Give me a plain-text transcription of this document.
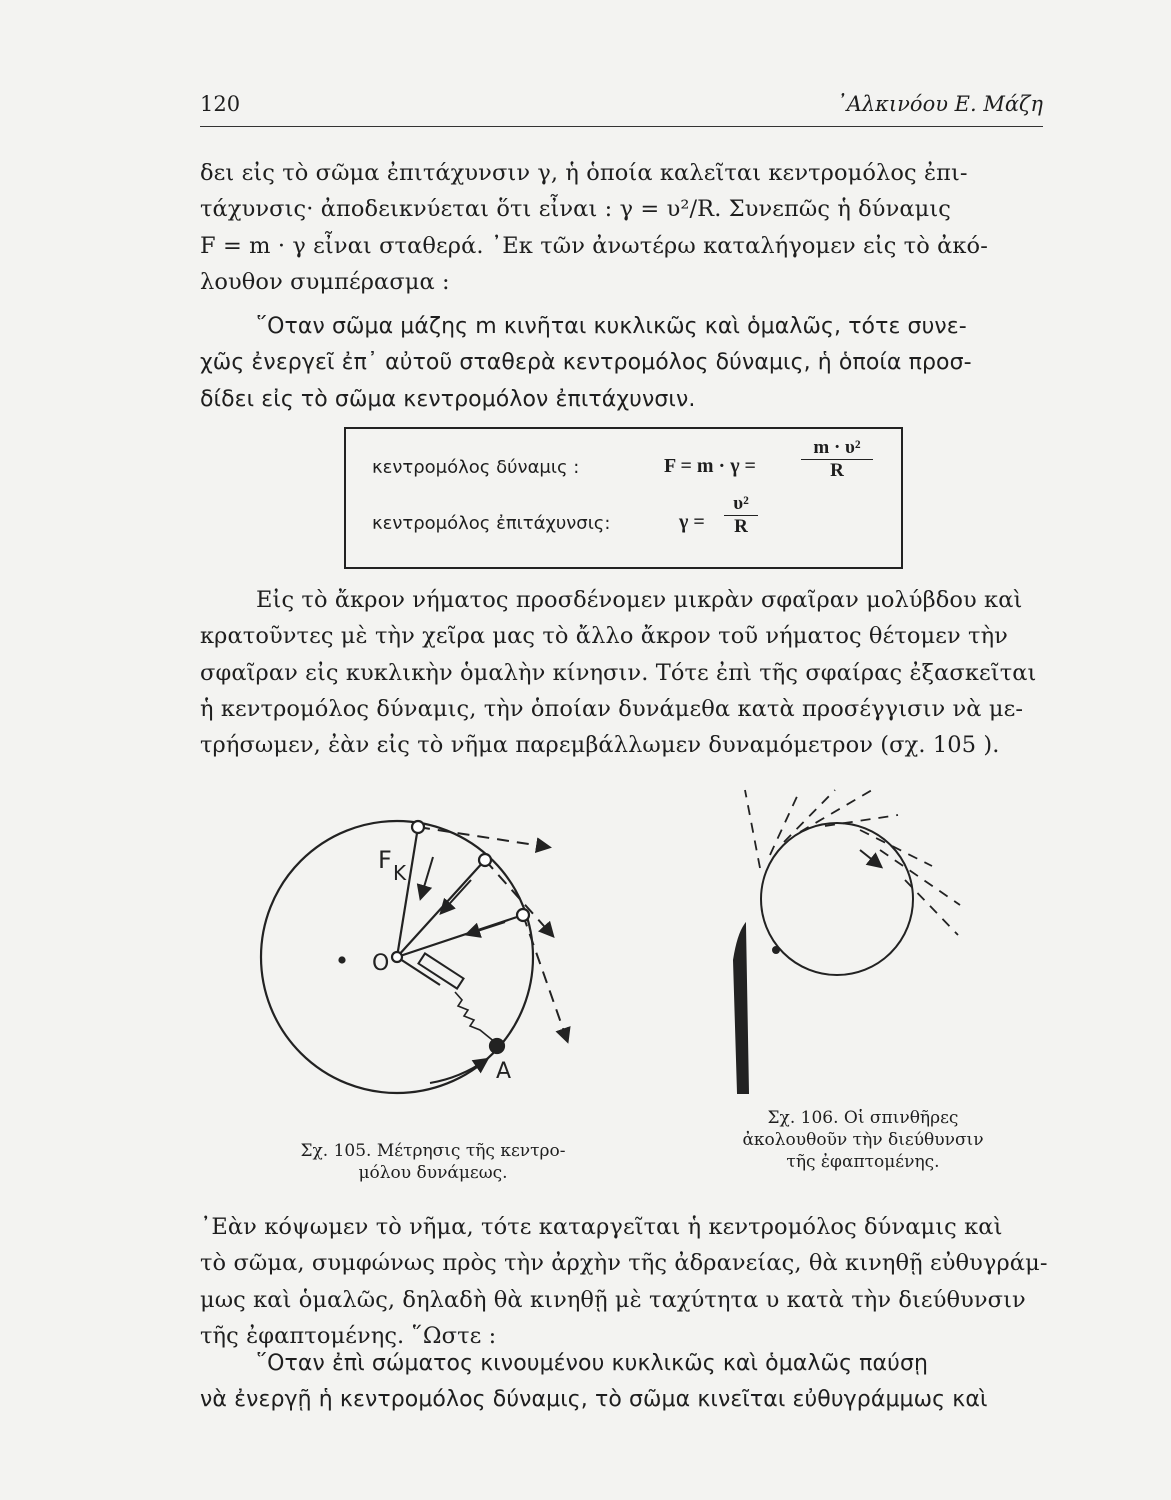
120	᾿Αλκινόου Ε. Μάζη
δει εἰς τὸ σῶμα ἐπιτάχυνσιν γ, ἡ ὁποία καλεῖται κεντρομόλος ἐπι-
τάχυνσις· ἀποδεικνύεται ὅτι εἶναι : γ = υ²/R. Συνεπῶς ἡ δύναμις
F = m · γ εἶναι σταθερά. ᾿Εκ τῶν ἀνωτέρω καταλήγομεν εἰς τὸ ἀκό-
λουθον συμπέρασμα :
῞Οταν σῶμα μάζης m κινῆται κυκλικῶς καὶ ὁμαλῶς, τότε συνε-
χῶς ἐνεργεῖ ἐπ᾿ αὐτοῦ σταθερὰ κεντρομόλος δύναμις, ἡ ὁποία προσ-
δίδει εἰς τὸ σῶμα κεντρομόλον ἐπιτάχυνσιν.
κεντρομόλος δύναμις :	$F = m \cdot \gamma = \frac{\text{m · υ²}}{R}$
κεντρομόλος ἐπιτάχυνσις:	$\gamma = \frac{\text{υ²}}{R}$
Εἰς τὸ ἄκρον νήματος προσδένομεν μικρὰν σφαῖραν μολύβδου καὶ
κρατοῦντες μὲ τὴν χεῖρα μας τὸ ἄλλο ἄκρον τοῦ νήματος θέτομεν τὴν
σφαῖραν εἰς κυκλικὴν ὁμαλὴν κίνησιν. Τότε ἐπὶ τῆς σφαίρας ἐξασκεῖται
ἡ κεντρομόλος δύναμις, τὴν ὁποίαν δυνάμεθα κατὰ προσέγγισιν νὰ με-
τρήσωμεν, ἐὰν εἰς τὸ νῆμα παρεμβάλλωμεν δυναμόμετρον (σχ. 105 ).
F K
O
A
Σχ. 105. Μέτρησις τῆς κεντρο-
μόλου δυνάμεως.
Σχ. 106. Οἱ σπινθῆρες
ἀκολουθοῦν τὴν διεύθυνσιν
τῆς ἐφαπτομένης.
᾿Εὰν κόψωμεν τὸ νῆμα, τότε καταργεῖται ἡ κεντρομόλος δύναμις καὶ
τὸ σῶμα, συμφώνως πρὸς τὴν ἀρχὴν τῆς ἀδρανείας, θὰ κινηθῇ εὐθυγράμ-
μως καὶ ὁμαλῶς, δηλαδὴ θὰ κινηθῇ μὲ ταχύτητα υ κατὰ τὴν διεύθυνσιν
τῆς ἐφαπτομένης. ῞Ωστε :
῞Οταν ἐπὶ σώματος κινουμένου κυκλικῶς καὶ ὁμαλῶς παύσῃ
νὰ ἐνεργῇ ἡ κεντρομόλος δύναμις, τὸ σῶμα κινεῖται εὐθυγράμμως καὶ
